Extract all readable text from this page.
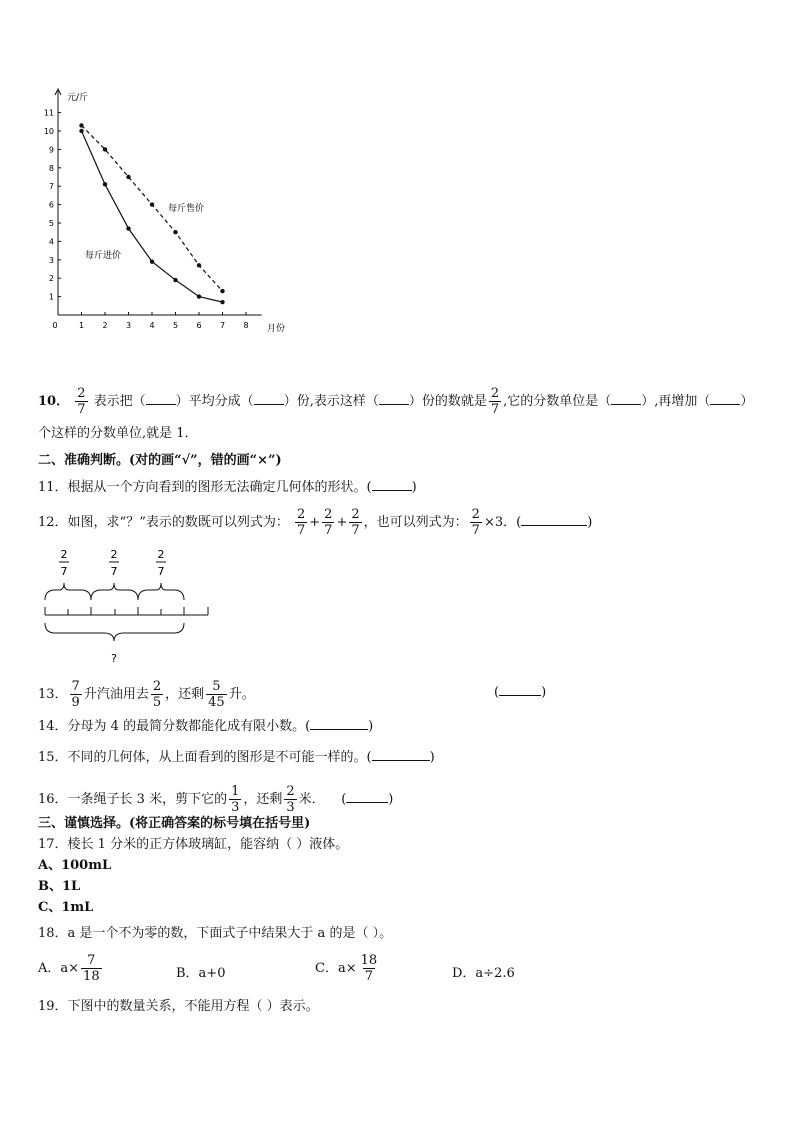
0	1 2 3 4 5 6 7 8
1
2
3
4
5
6
7
8
9
10
11
元/斤
月份
每斤售价
每斤进价
10． $\frac{2}{7}$ 表示把（ ）平均分成（ ）份,表示这样（ ）份的数就是 $\frac{2}{7}$ ,它的分数单位是（ ）,再增加（ ）
个这样的分数单位,就是 1．
二、准确判断。(对的画“√”，错的画“×”)
11．根据从一个方向看到的图形无法确定几何体的形状。(	)
12．如图，求“？”表示的数既可以列式为： $\frac{2}{7} + \frac{2}{7} + \frac{2}{7}$ ，也可以列式为： $\frac{2}{7} \times 3$．(	)
2
7
2
7
2
7
?
13． $\frac{7}{9}$ 升汽油用去 $\frac{2}{5}$ ，还剩 $\frac{5}{45}$ 升。	(	)
14．分母为 4 的最简分数都能化成有限小数。(	)
15．不同的几何体，从上面看到的图形是不可能一样的。(	)
16．一条绳子长 3 米，剪下它的 $\frac{1}{3}$ ，还剩 $\frac{2}{3}$ 米． (	)
三、谨慎选择。(将正确答案的标号填在括号里)
17．棱长 1 分米的正方体玻璃缸，能容纳（ ）液体。
A、100mL
B、1L
C、1mL
18．a 是一个不为零的数，下面式子中结果大于 a 的是（ ）。
A．$a\times \frac{7}{18}$	B．a+0	C．$a\times \frac{18}{7}$	D．a÷2.6
19．下图中的数量关系，不能用方程（ ）表示。
